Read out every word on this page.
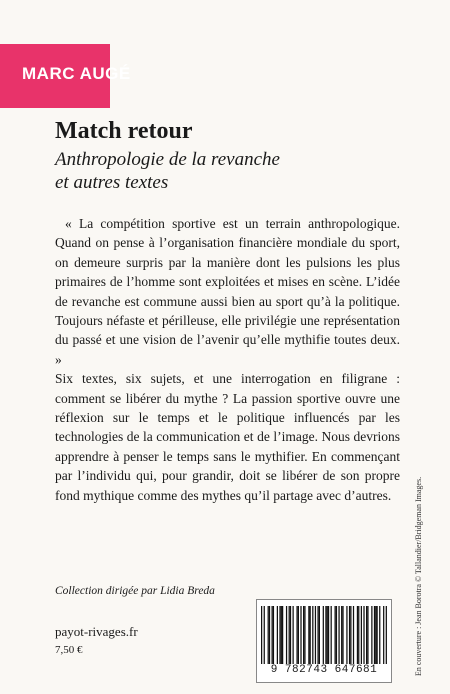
MARC AUGÉ
Match retour
Anthropologie de la revanche
et autres textes

« La compétition sportive est un terrain anthropologique. Quand on pense à l’organisation financière mondiale du sport, on demeure surpris par la manière dont les pulsions les plus primaires de l’homme sont exploitées et mises en scène. L’idée de revanche est commune aussi bien au sport qu’à la politique. Toujours néfaste et périlleuse, elle privilégie une représentation du passé et une vision de l’avenir qu’elle mythifie toutes deux. »

Six textes, six sujets, et une interrogation en filigrane : comment se libérer du mythe ? La passion sportive ouvre une réflexion sur le temps et le politique influencés par les technologies de la communication et de l’image. Nous devrions apprendre à penser le temps sans le mythifier. En commençant par l’individu qui, pour grandir, doit se libérer de son propre fond mythique comme des mythes qu’il partage avec d’autres.

Collection dirigée par Lidia Breda
payot-rivages.fr
7,50 €
9 782743 647681	En couverture : Jean Borotra © Tallandier/Bridgeman Images.
